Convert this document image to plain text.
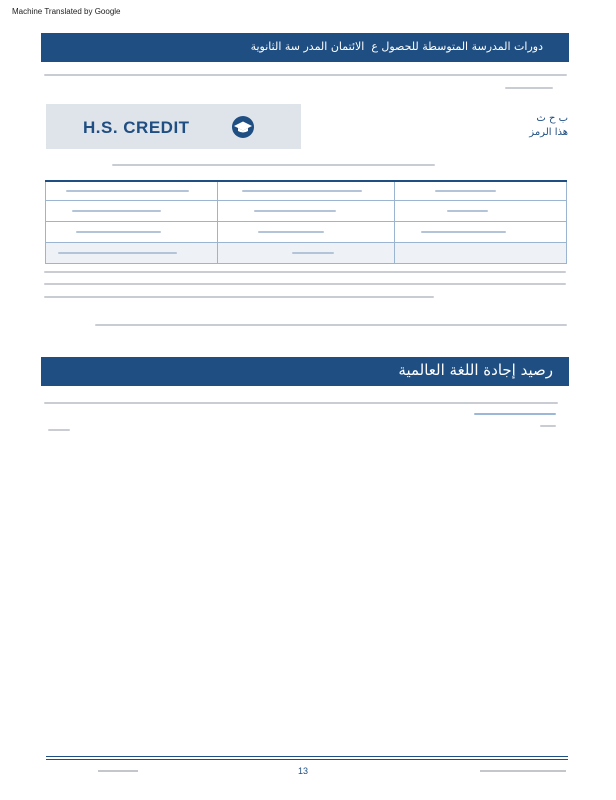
Machine Translated by Google
دورات المدرسة المتوسطة للحصول ع ￼ الائتمان المدر سة الثانوية
H.S. CREDIT	ب ح ث
هذا الرمز

رصيد إجادة اللغة العالمية
13
